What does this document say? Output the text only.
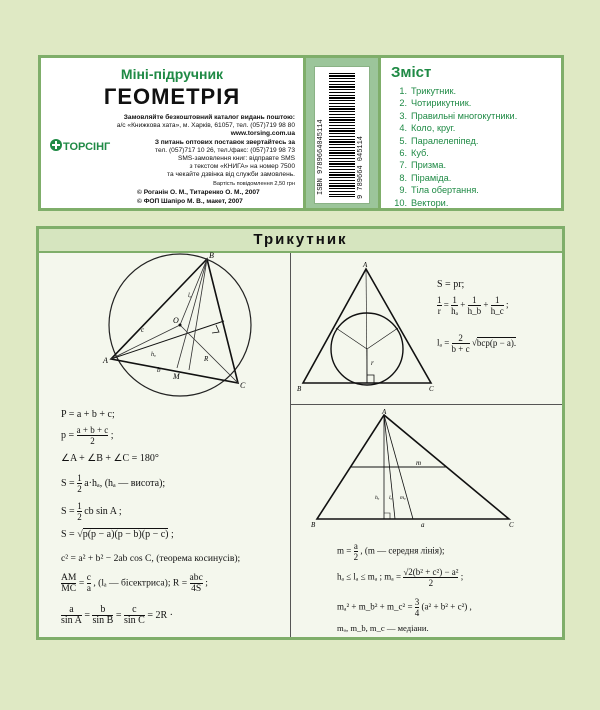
Міні-підручник
ГЕОМЕТРІЯ
ТОРСІНГ
Замовляйте безкоштовний каталог видань поштою:
а/с «Книжкова хата», м. Харків, 61057, тел. (057)719 98 80
www.torsing.com.ua
З питань оптових поставок звертайтесь за
тел. (057)717 10 26, тел./факс: (057)719 98 73
SMS-замовлення книг: відправте SMS
з текстом «КНИГА» на номер 7500
та чекайте дзвінка від служби замовлень.
Вартість повідомлення 2,50 грн
© Роганін О. М., Титаренко О. М., 2007
© ФОП Шапіро М. В., макет, 2007
ISBN 9789664045114	9 789664 045114
Зміст
1. Трикутник.
2. Чотирикутник.
3. Правильні многокутники.
4. Коло, круг.
5. Паралелепіпед.
6. Куб.
7. Призма.
8. Піраміда.
9. Тіла обертання.
10. Вектори.
Трикутник
B
A
C
M
O
c
b
R
lₐ
hₐ
A
B	C
r
A
B	C
a
m
hₐ lₐ mₐ
P = a + b + c;
$p = \frac{a + b + c}{2}$ ;
∠A + ∠B + ∠C = 180°
$S = \frac{1}{2} a\cdot h_a$, (hₐ — висота);
$S = \frac{1}{2}$ cb sin A ;
S = √p(p − a)(p − b)(p − c) ;
c² = a² + b² − 2ab cos C, (теорема косинусів);
$\frac{AM}{MC} = \frac{c}{a}$ , (lₐ — бісектриса); R =
abc
4S ;
$\frac{a}{\text{sin A}} = \frac{b}{\text{sin B}} = \frac{c}{\text{sin C}} = 2R$ ·
S = pr;
$\frac{1}{r} = \frac{1}{\text{hₐ}} + \frac{1}{h\_b} + \frac{1}{h\_c}$ ;
$l_a = \frac{2}{b + c} √bcp(p - a)$.
$m = \frac{a}{2}$ , (m — середня лінія);
hₐ ≤ lₐ ≤ mₐ ; $m_a = \frac{\text{√2(b² + c²) − a²}}{2}$ ;
mₐ² + m_b² + m_c² = $\frac{3}{4} (a^2 + b^2 + c^2)$ ,
mₐ, m_b, m_c — медіани.
